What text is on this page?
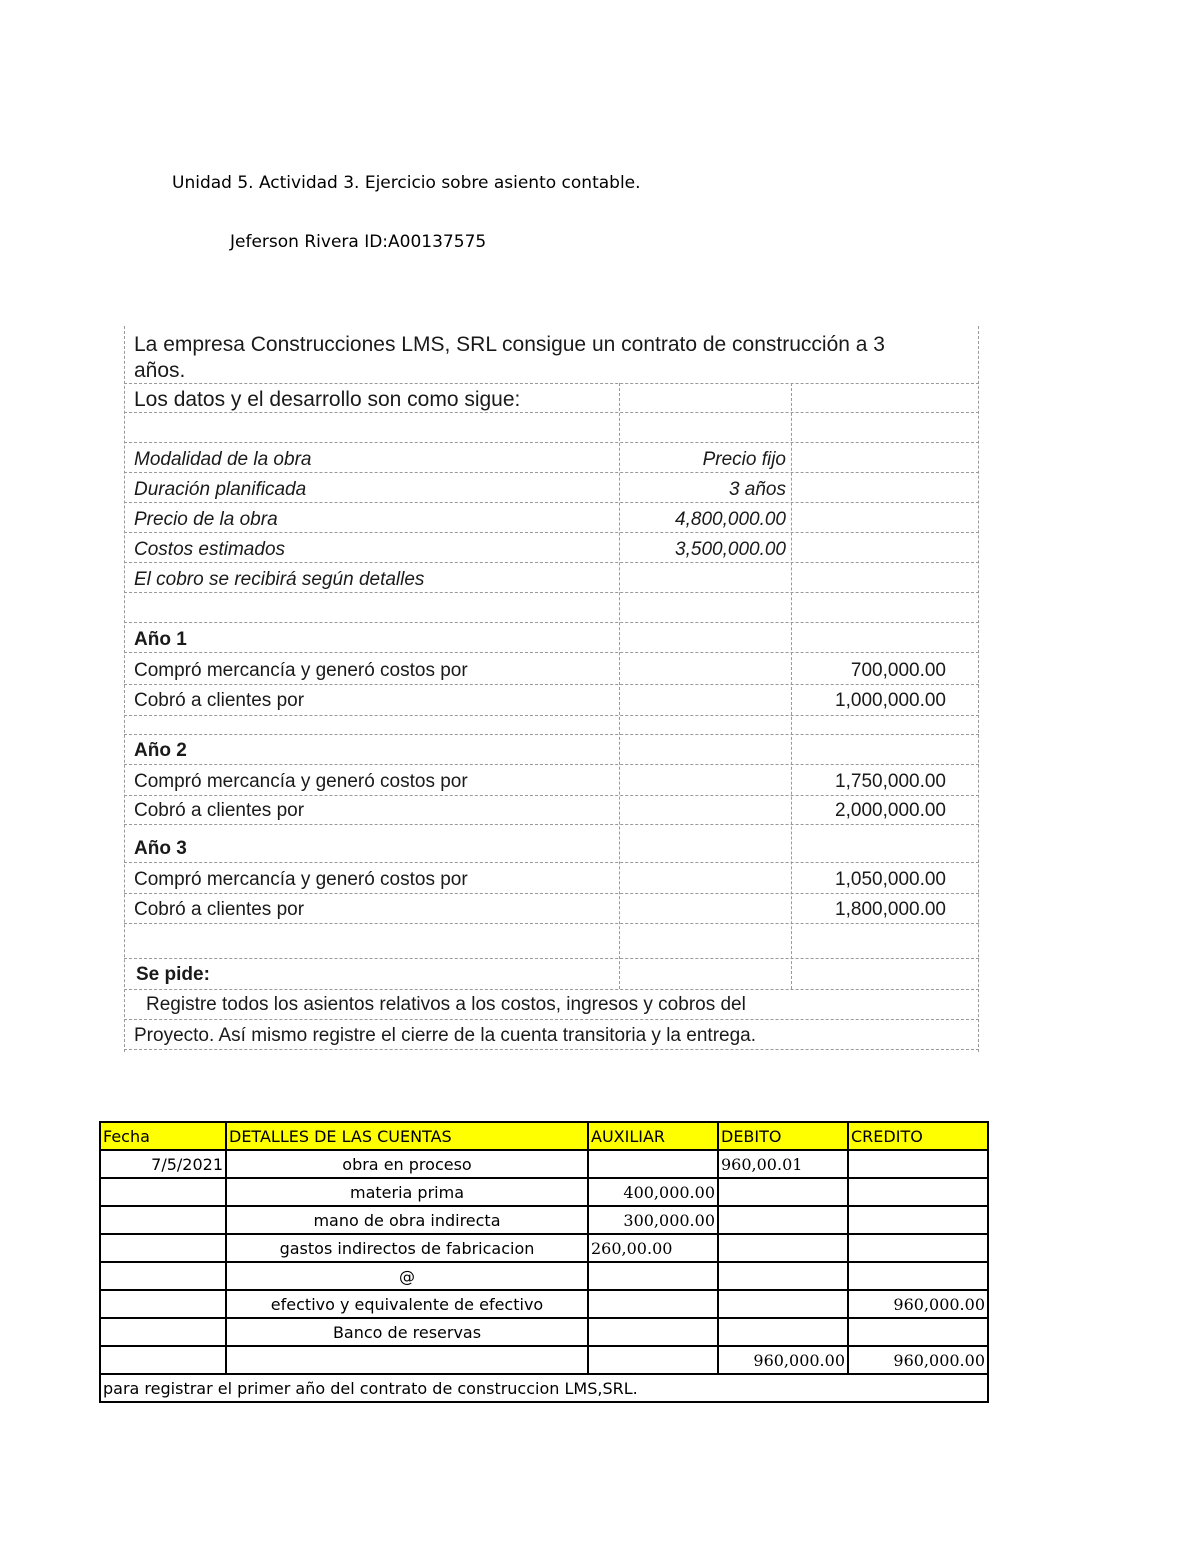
Unidad 5. Actividad 3. Ejercicio sobre asiento contable.
Jeferson Rivera ID:A00137575
La empresa Construcciones LMS, SRL consigue un contrato de construcción a 3
años.
Los datos y el desarrollo son como sigue:
Modalidad de la obra	Precio fijo
Duración planificada	3 años
Precio de la obra	4,800,000.00
Costos estimados	3,500,000.00
El cobro se recibirá según detalles
Año 1
Compró mercancía y generó costos por	700,000.00
Cobró a clientes por	1,000,000.00
Año 2
Compró mercancía y generó costos por	1,750,000.00
Cobró a clientes por	2,000,000.00
Año 3
Compró mercancía y generó costos por	1,050,000.00
Cobró a clientes por	1,800,000.00
Se pide:
Registre todos los asientos relativos a los costos, ingresos y cobros del
Proyecto. Así mismo registre el cierre de la cuenta transitoria y la entrega.
Fecha	DETALLES DE LAS CUENTAS	AUXILIAR	DEBITO	CREDITO
7/5/2021	obra en proceso		960,00.01	
	materia prima	400,000.00		
	mano de obra indirecta	300,000.00		
	gastos indirectos de fabricacion	260,00.00		
	@			
	efectivo y equivalente de efectivo			960,000.00
	Banco de reservas			
			960,000.00	960,000.00
para registrar el primer año del contrato de construccion LMS,SRL.				
